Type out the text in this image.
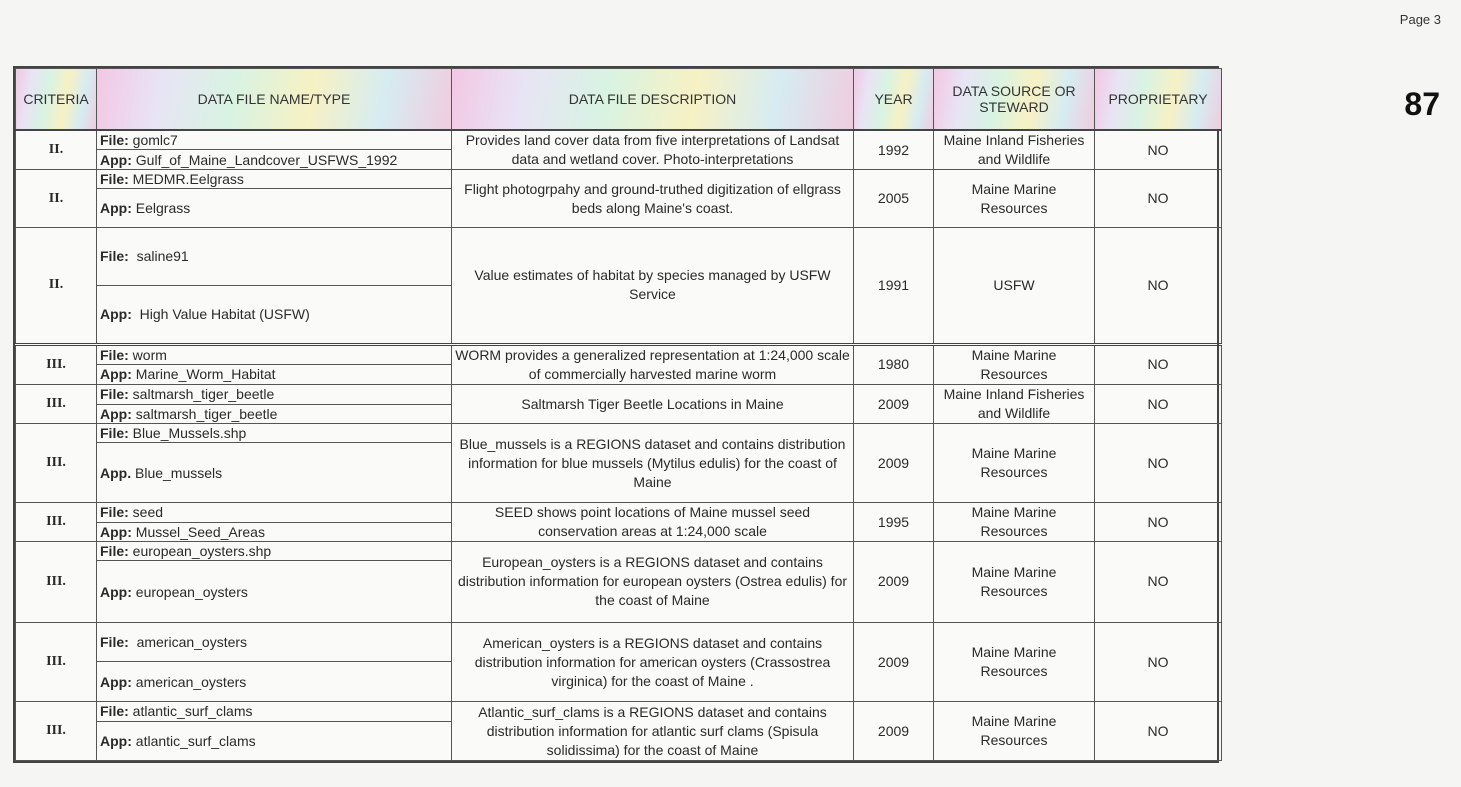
Page 3
87
CRITERIA	DATA FILE NAME/TYPE	DATA FILE DESCRIPTION	YEAR	DATA SOURCE OR STEWARD	PROPRIETARY
II.	File: gomlc7	Provides land cover data from five interpretations of Landsat data and wetland cover. Photo-interpretations	1992	Maine Inland Fisheries and Wildlife	NO
	App: Gulf_of_Maine_Landcover_USFWS_1992				
II.	File: MEDMR.Eelgrass	Flight photogrpahy and ground-truthed digitization of ellgrass beds along Maine's coast.	2005	Maine Marine Resources	NO
	App: Eelgrass				
II.	File: saline91	Value estimates of habitat by species managed by USFW Service	1991	USFW	NO
	App: High Value Habitat (USFW)				
III.	File: worm	WORM provides a generalized representation at 1:24,000 scale of commercially harvested marine worm	1980	Maine Marine Resources	NO
	App: Marine_Worm_Habitat				
III.	File: saltmarsh_tiger_beetle	Saltmarsh Tiger Beetle Locations in Maine	2009	Maine Inland Fisheries and Wildlife	NO
	App: saltmarsh_tiger_beetle				
III.	File: Blue_Mussels.shp	Blue_mussels is a REGIONS dataset and contains distribution information for blue mussels (Mytilus edulis) for the coast of Maine	2009	Maine Marine Resources	NO
	App. Blue_mussels				
III.	File: seed	SEED shows point locations of Maine mussel seed conservation areas at 1:24,000 scale	1995	Maine Marine Resources	NO
	App: Mussel_Seed_Areas				
III.	File: european_oysters.shp	European_oysters is a REGIONS dataset and contains distribution information for european oysters (Ostrea edulis) for the coast of Maine	2009	Maine Marine Resources	NO
	App: european_oysters				
III.	File: american_oysters	American_oysters is a REGIONS dataset and contains distribution information for american oysters (Crassostrea virginica) for the coast of Maine .	2009	Maine Marine Resources	NO
	App: american_oysters				
III.	File: atlantic_surf_clams	Atlantic_surf_clams is a REGIONS dataset and contains distribution information for atlantic surf clams (Spisula solidissima) for the coast of Maine	2009	Maine Marine Resources	NO
	App: atlantic_surf_clams				
